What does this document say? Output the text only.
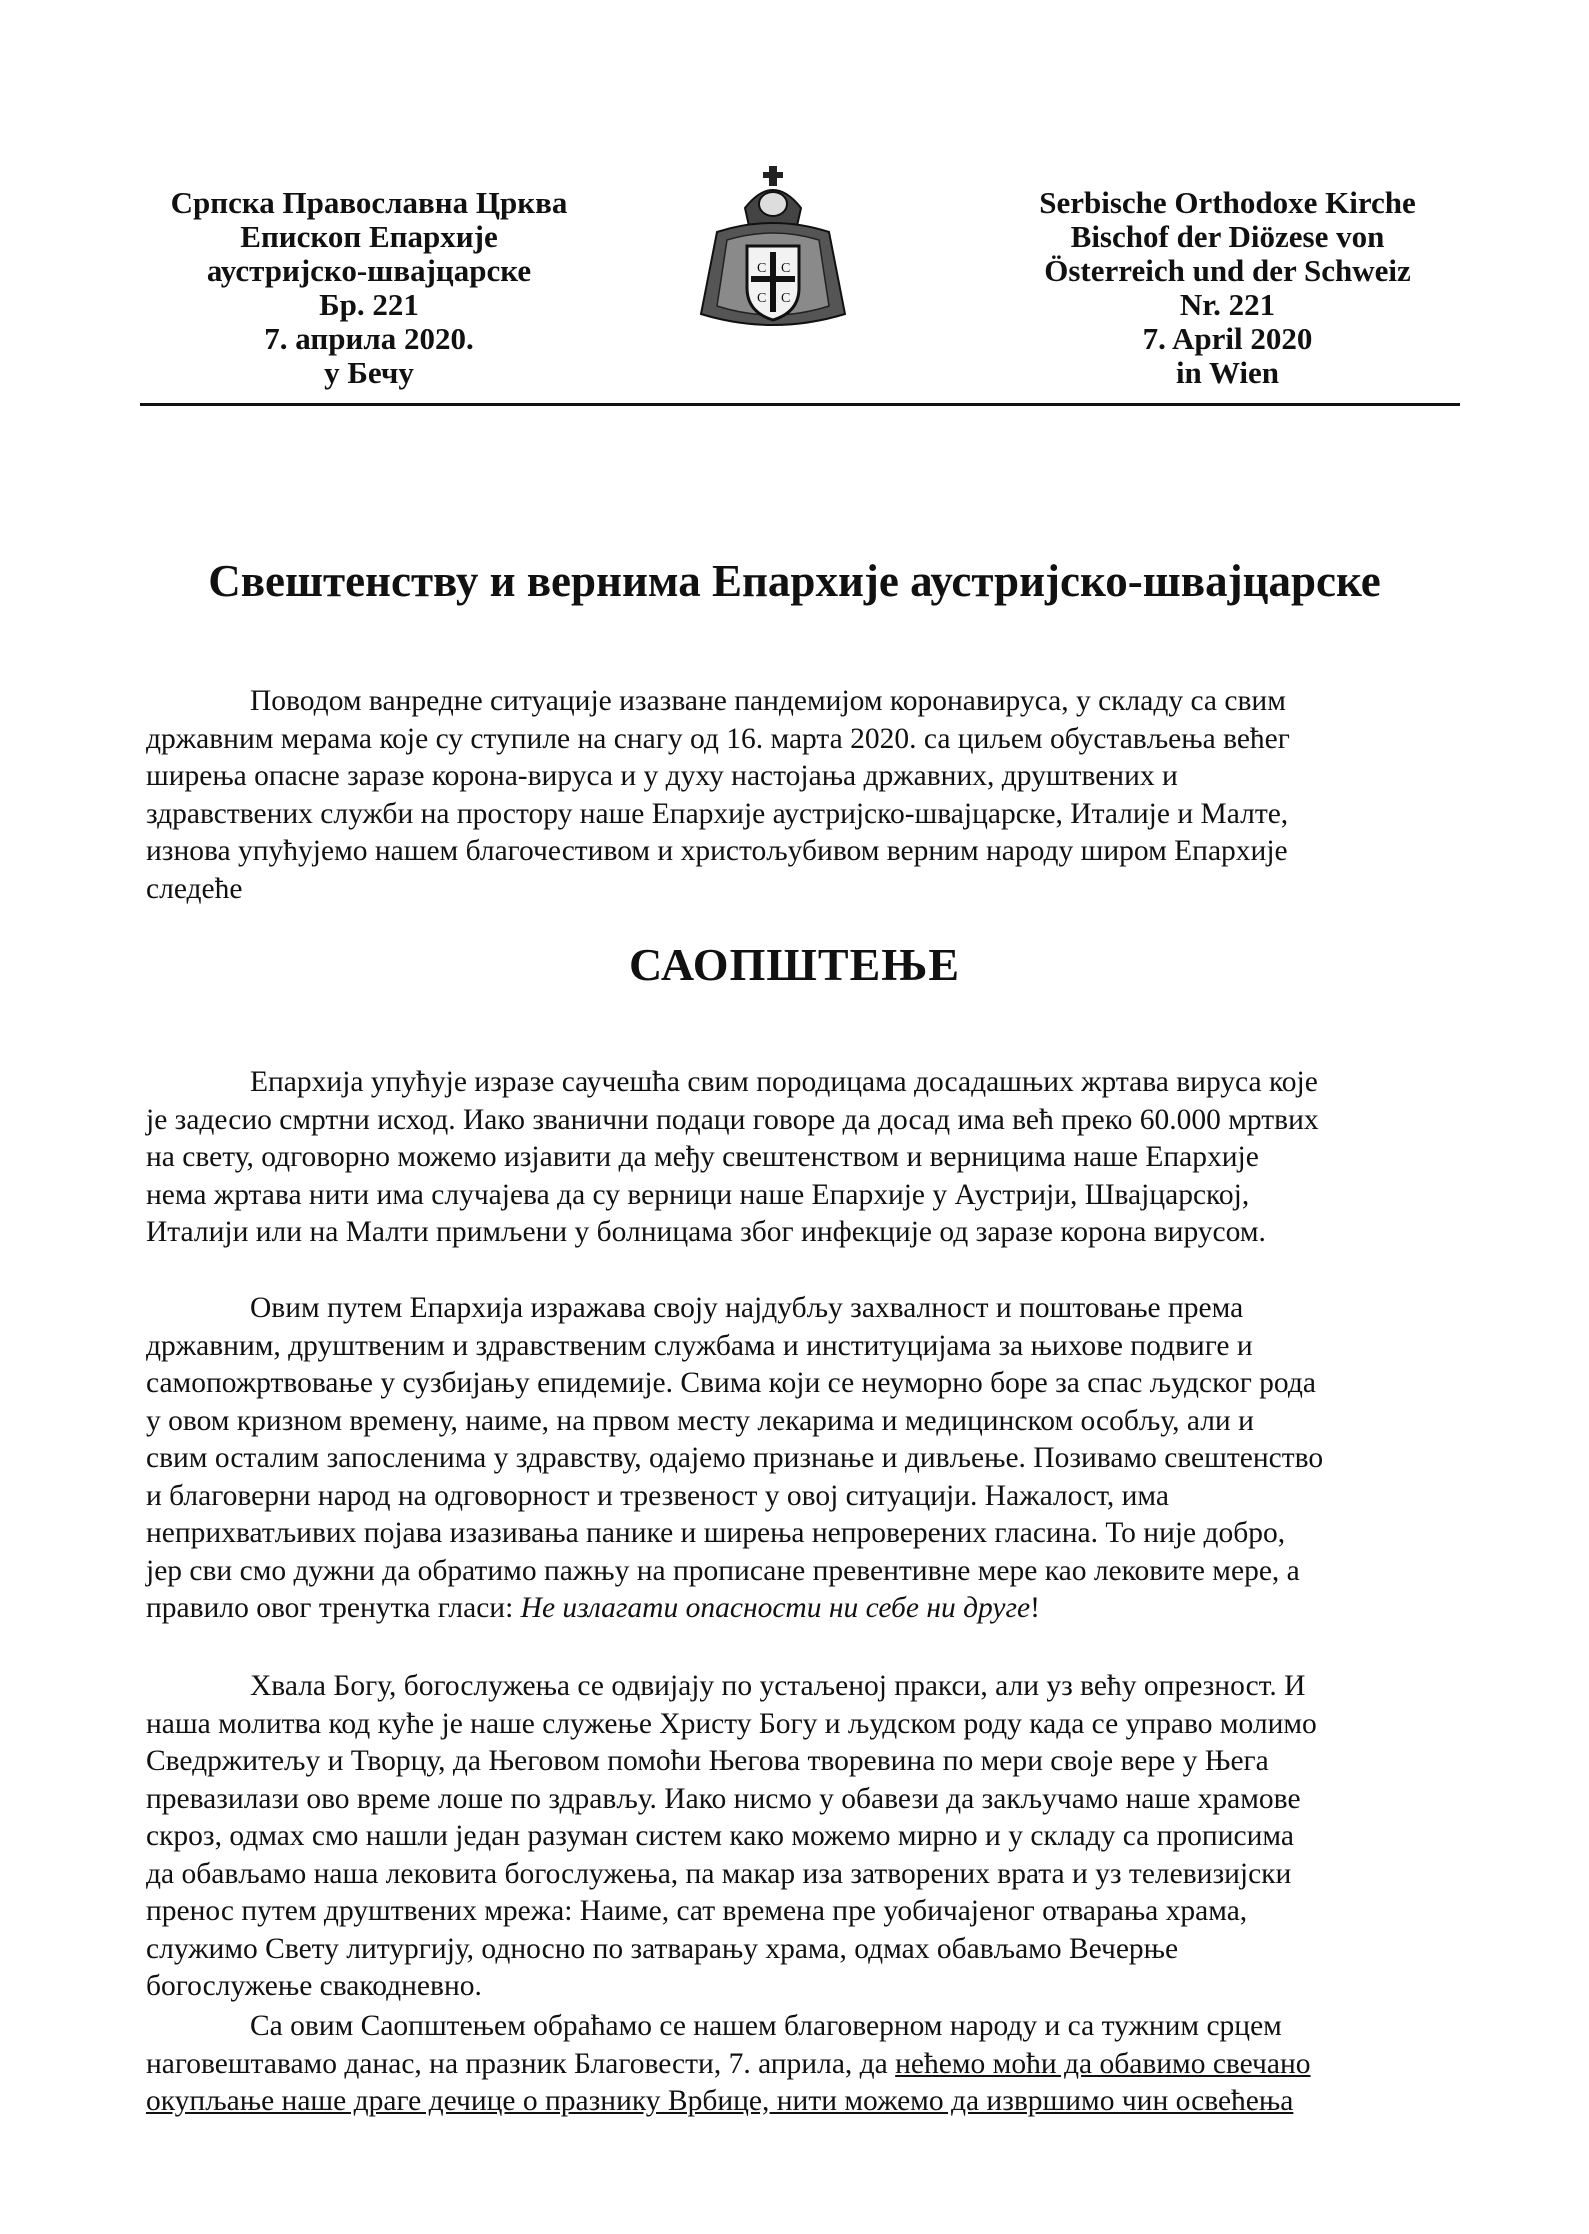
Српска Православна Црква
Епископ Епархије
аустријско-швајцарске
Бр. 221
7. априла 2020.
у Бечу
C C
C C
Serbische Orthodoxe Kirche
Bischof der Diözese von
Österreich und der Schweiz
Nr. 221
7. April 2020
in Wien
Свештенству и вернима Епархије аустријско-швајцарске
Поводом ванредне ситуације изазване пандемијом коронавируса, у складу са свим
државним мерама које су ступиле на снагу од 16. марта 2020. са циљем обустављења већег
ширења опасне заразе корона-вируса и у духу настојања државних, друштвених и
здравствених служби на простору наше Епархије аустријско-швајцарске, Италије и Малте,
изнова упућујемо нашем благочестивом и христољубивом верним народу широм Епархије
следеће
САОПШТЕЊЕ
Епархија упућује изразе саучешћа свим породицама досадашњих жртава вируса које
је задесио смртни исход. Иако званични подаци говоре да досад има већ преко 60.000 мртвих
на свету, одговорно можемо изјавити да међу свештенством и верницима наше Епархије
нема жртава нити има случајева да су верници наше Епархије у Аустрији, Швајцарској,
Италији или на Малти примљени у болницама због инфекције од заразе корона вирусом.
Овим путем Епархија изражава своју најдубљу захвалност и поштовање према
државним, друштвеним и здравственим службама и институцијама за њихове подвиге и
самопожртвовање у сузбијању епидемије. Свима који се неуморно боре за спас људског рода
у овом кризном времену, наиме, на првом месту лекарима и медицинском особљу, али и
свим осталим запосленима у здравству, одајемо признање и дивљење. Позивамо свештенство
и благоверни народ на одговорност и трезвеност у овој ситуацији. Нажалост, има
неприхватљивих појава изазивања панике и ширења непроверених гласина. То није добро,
јер сви смо дужни да обратимо пажњу на прописане превентивне мере као лековите мере, а
правило овог тренутка гласи: Не излагати опасности ни себе ни друге!
Хвала Богу, богослужења се одвијају по устаљеној пракси, али уз већу опрезност. И
наша молитва код куће је наше служење Христу Богу и људском роду када се управо молимо
Сведржитељу и Творцу, да Његовом помоћи Његова творевина по мери своје вере у Њега
превазилази ово време лоше по здрављу. Иако нисмо у обавези да закључамо наше храмове
скроз, одмах смо нашли један разуман систем како можемо мирно и у складу са прописима
да обављамо наша лековита богослужења, па макар иза затворених врата и уз телевизијски
пренос путем друштвених мрежа: Наиме, сат времена пре уобичајеног отварања храма,
служимо Свету литургију, односно по затварању храма, одмах обављамо Вечерње
богослужење свакодневно.
Са овим Саопштењем обраћамо се нашем благоверном народу и са тужним срцем
наговештавамо данас, на празник Благовести, 7. априла, да нећемо моћи да обавимо свечано
окупљање наше драге дечице о празнику Врбице, нити можемо да извршимо чин освећења
